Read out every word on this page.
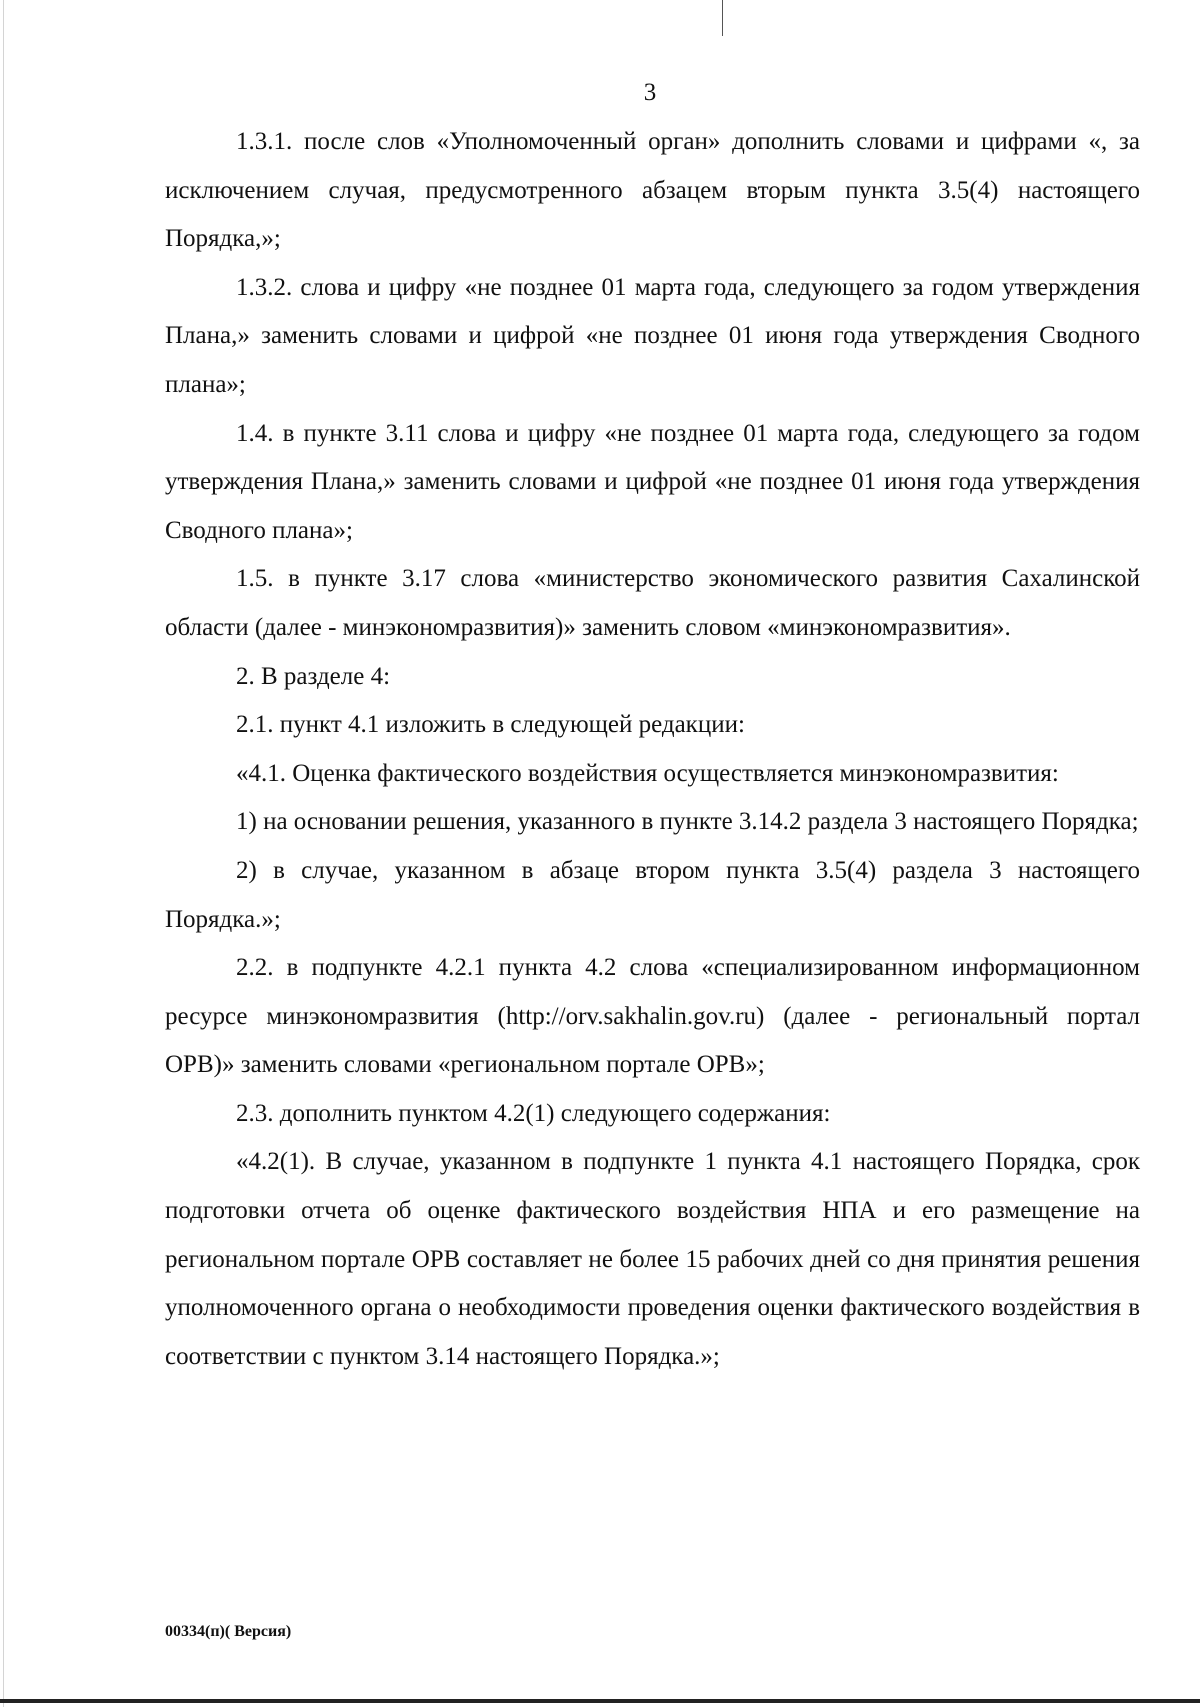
3

1.3.1. после слов «Уполномоченный орган» дополнить словами и цифрами «, за исключением случая, предусмотренного абзацем вторым пункта 3.5(4) настоящего Порядка,»;

1.3.2. слова и цифру «не позднее 01 марта года, следующего за годом утверждения Плана,» заменить словами и цифрой «не позднее 01 июня года утверждения Сводного плана»;

1.4. в пункте 3.11 слова и цифру «не позднее 01 марта года, следующего за годом утверждения Плана,» заменить словами и цифрой «не позднее 01 июня года утверждения Сводного плана»;

1.5. в пункте 3.17 слова «министерство экономического развития Сахалинской области (далее - минэкономразвития)» заменить словом «минэкономразвития».

2. В разделе 4:

2.1. пункт 4.1 изложить в следующей редакции:

«4.1. Оценка фактического воздействия осуществляется минэкономразвития:

1) на основании решения, указанного в пункте 3.14.2 раздела 3 настоящего Порядка;

2) в случае, указанном в абзаце втором пункта 3.5(4) раздела 3 настоящего Порядка.»;

2.2. в подпункте 4.2.1 пункта 4.2 слова «специализированном информационном ресурсе минэкономразвития (http://orv.sakhalin.gov.ru) (далее - региональный портал ОРВ)» заменить словами «региональном портале ОРВ»;

2.3. дополнить пунктом 4.2(1) следующего содержания:

«4.2(1). В случае, указанном в подпункте 1 пункта 4.1 настоящего Порядка, срок подготовки отчета об оценке фактического воздействия НПА и его размещение на региональном портале ОРВ составляет не более 15 рабочих дней со дня принятия решения уполномоченного органа о необходимости проведения оценки фактического воздействия в соответствии с пунктом 3.14 настоящего Порядка.»;

00334(п)( Версия)
